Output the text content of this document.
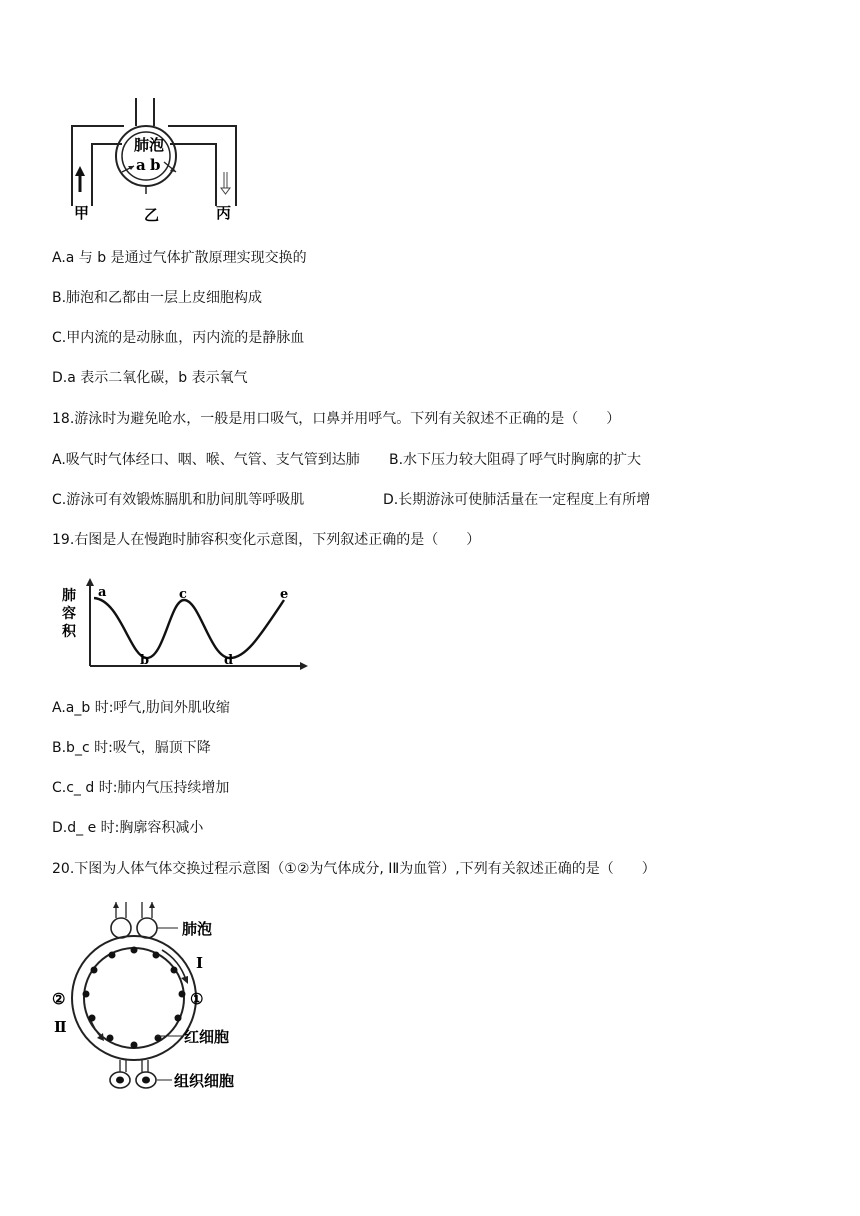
肺泡
a b
甲	乙	丙
A.a 与 b 是通过气体扩散原理实现交换的
B.肺泡和乙都由一层上皮细胞构成
C.甲内流的是动脉血，丙内流的是静脉血
D.a 表示二氧化碳，b 表示氧气
18.游泳时为避免呛水，一般是用口吸气，口鼻并用呼气。下列有关叙述不正确的是（　　）
A.吸气时气体经口、咽、喉、气管、支气管到达肺 B.水下压力较大阻碍了呼气时胸廓的扩大
C.游泳可有效锻炼膈肌和肋间肌等呼吸肌	D.长期游泳可使肺活量在一定程度上有所增
19.右图是人在慢跑时肺容积变化示意图，下列叙述正确的是（　　）
肺
容
积
a
b
c
d
e
A.a_b 时:呼气,肋间外肌收缩
B.b_c 时:吸气，膈顶下降
C.c_ d 时:肺内气压持续增加
D.d_ e 时:胸廓容积减小
20.下图为人体气体交换过程示意图（①②为气体成分, ⅠⅡ为血管）,下列有关叙述正确的是（　　）
肺泡
Ⅰ
①
②
Ⅱ
红细胞
组织细胞
